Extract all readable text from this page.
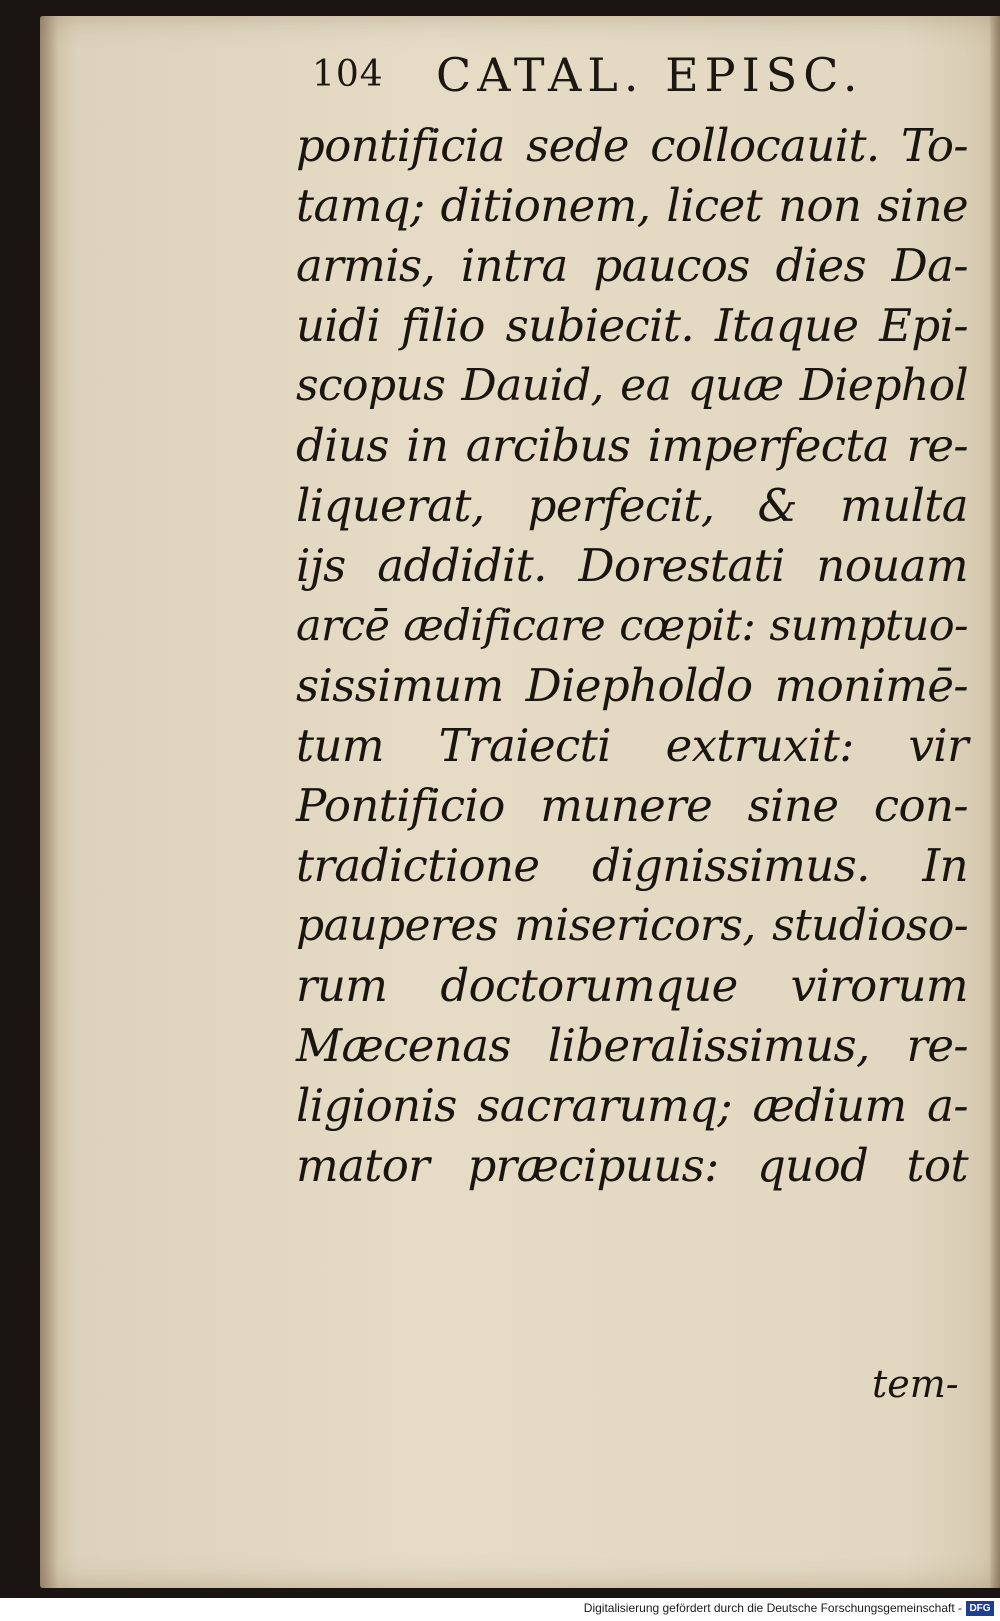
104 CATAL. EPISC.
pontificia sede collocauit. To-
tamq; ditionem, licet non sine
armis, intra paucos dies Da-
uidi filio subiecit. Itaque Epi-
scopus Dauid, ea quæ Diephol
dius in arcibus imperfecta re-
liquerat, perfecit, & multa
ijs addidit. Dorestati nouam
arcē ædificare cœpit: sumptuo-
sissimum Diepholdo monimē-
tum Traiecti extruxit: vir
Pontificio munere sine con-
tradictione dignissimus. In
pauperes misericors, studioso-
rum doctorumque virorum
Mæcenas liberalissimus, re-
ligionis sacrarumq; ædium a-
mator præcipuus: quod tot
tem-
Digitalisierung gefördert durch die Deutsche Forschungsgemeinschaft - DFG
